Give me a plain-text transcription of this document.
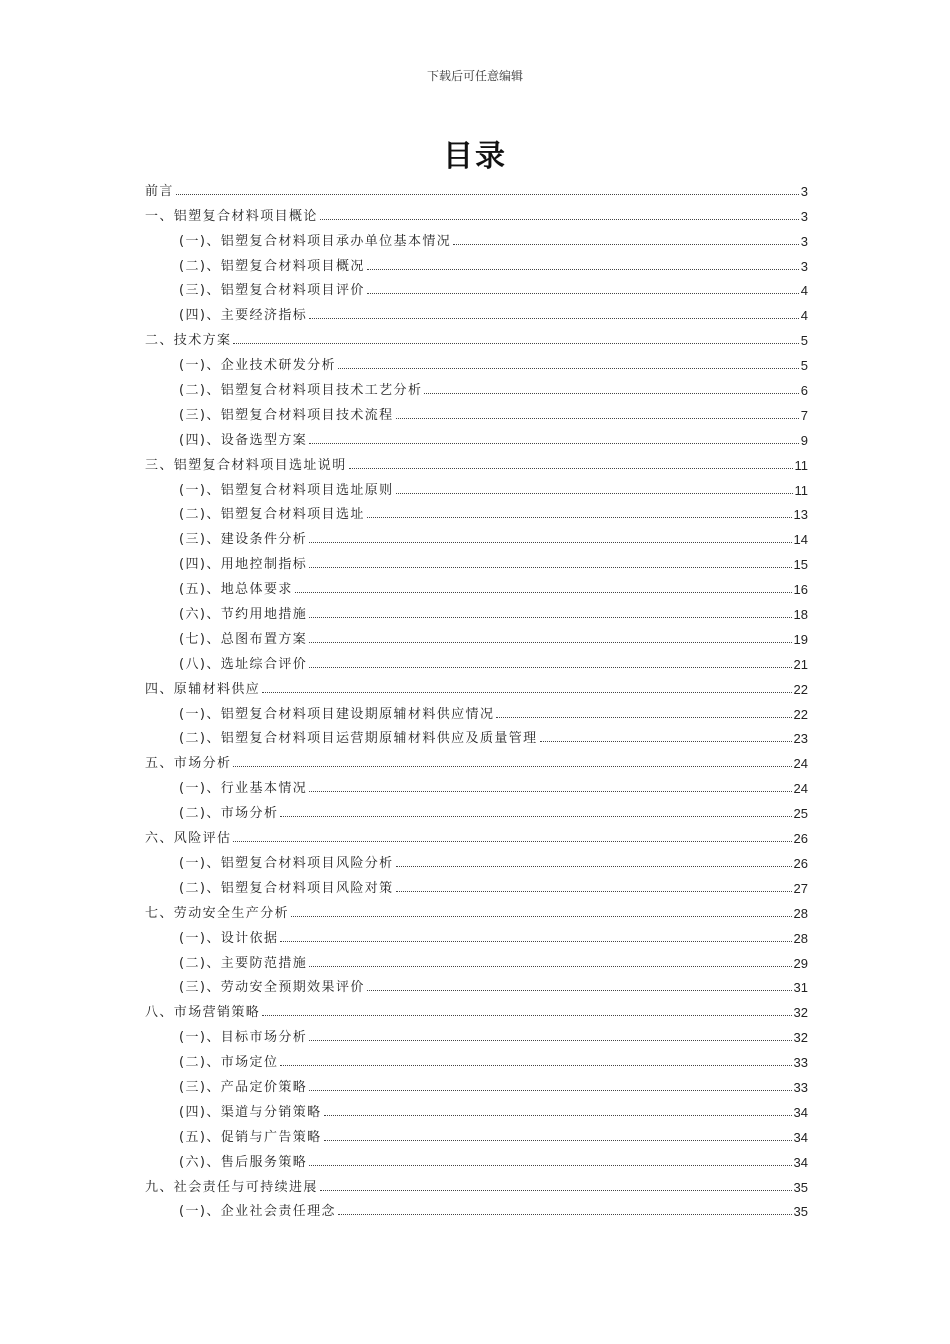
下载后可任意编辑
目录
前言	3
一、铝塑复合材料项目概论	3
(一)、铝塑复合材料项目承办单位基本情况	3
(二)、铝塑复合材料项目概况	3
(三)、铝塑复合材料项目评价	4
(四)、主要经济指标	4
二、技术方案	5
(一)、企业技术研发分析	5
(二)、铝塑复合材料项目技术工艺分析	6
(三)、铝塑复合材料项目技术流程	7
(四)、设备选型方案	9
三、铝塑复合材料项目选址说明	11
(一)、铝塑复合材料项目选址原则	11
(二)、铝塑复合材料项目选址	13
(三)、建设条件分析	14
(四)、用地控制指标	15
(五)、地总体要求	16
(六)、节约用地措施	18
(七)、总图布置方案	19
(八)、选址综合评价	21
四、原辅材料供应	22
(一)、铝塑复合材料项目建设期原辅材料供应情况	22
(二)、铝塑复合材料项目运营期原辅材料供应及质量管理	23
五、市场分析	24
(一)、行业基本情况	24
(二)、市场分析	25
六、风险评估	26
(一)、铝塑复合材料项目风险分析	26
(二)、铝塑复合材料项目风险对策	27
七、劳动安全生产分析	28
(一)、设计依据	28
(二)、主要防范措施	29
(三)、劳动安全预期效果评价	31
八、市场营销策略	32
(一)、目标市场分析	32
(二)、市场定位	33
(三)、产品定价策略	33
(四)、渠道与分销策略	34
(五)、促销与广告策略	34
(六)、售后服务策略	34
九、社会责任与可持续进展	35
(一)、企业社会责任理念	35
